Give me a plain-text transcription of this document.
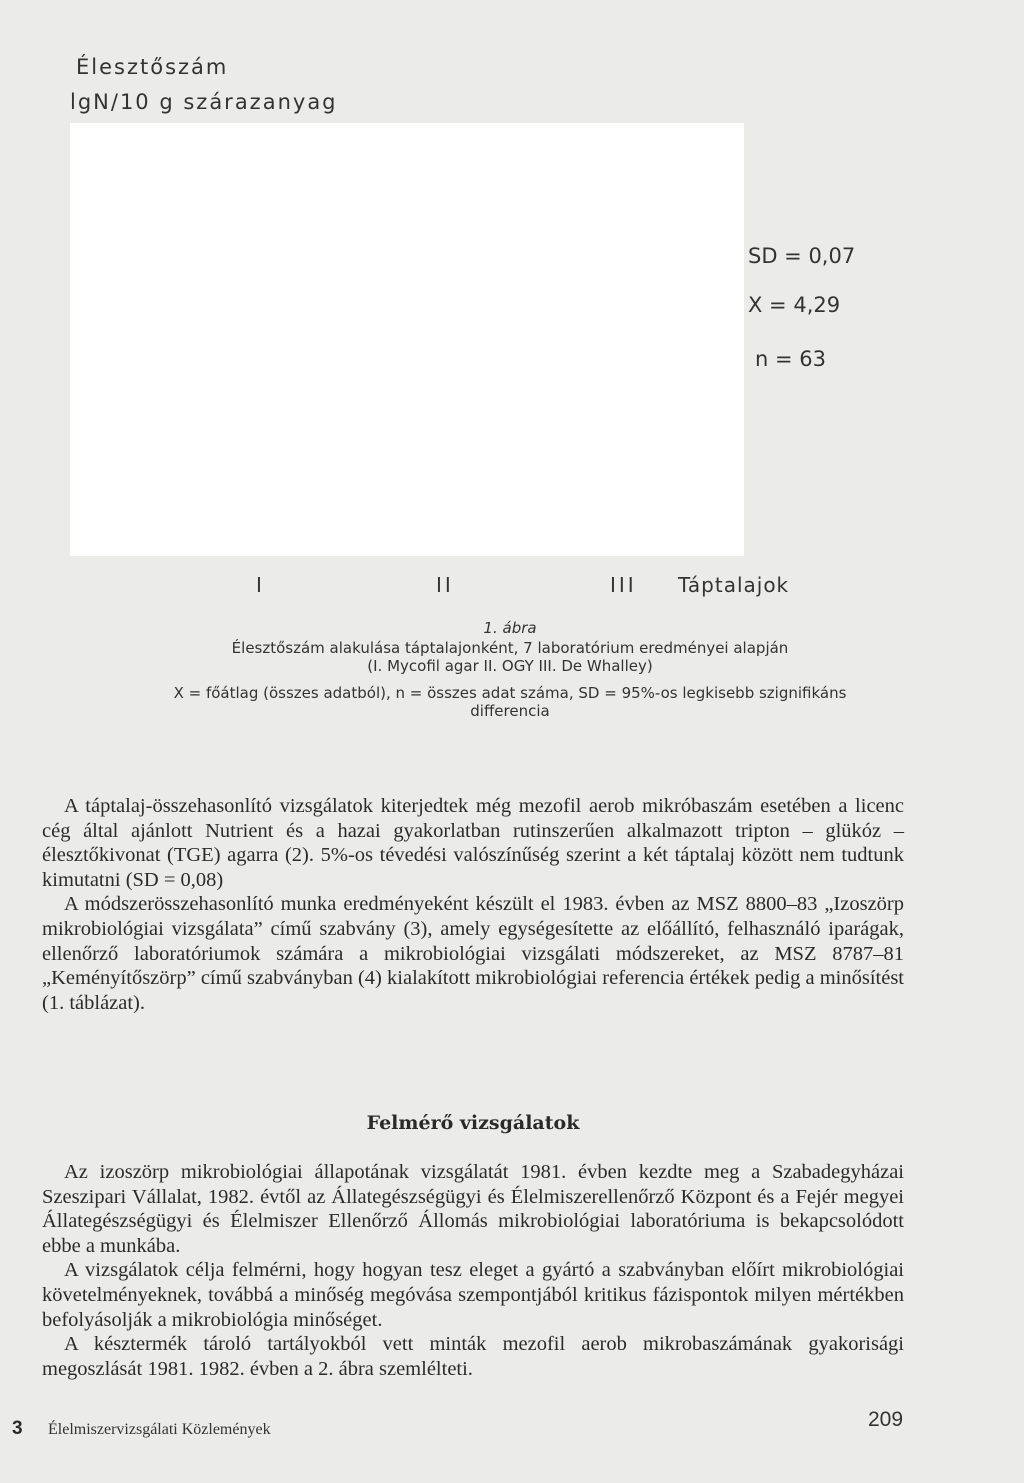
Élesztőszám
lgN/10 g szárazanyag
SD = 0,07
X = 4,29
n = 63
I	II	III Táptalajok
1. ábra
Élesztőszám alakulása táptalajonként, 7 laboratórium eredményei alapján
(I. Mycofil agar II. OGY III. De Whalley)
X = főátlag (összes adatból), n = összes adat száma, SD = 95%-os legkisebb szignifikáns
differencia

A táptalaj-összehasonlító vizsgálatok kiterjedtek még mezofil aerob mikróbaszám esetében a licenc cég által ajánlott Nutrient és a hazai gyakorlatban rutinszerűen alkalmazott tripton – glükóz – élesztőkivonat (TGE) agarra (2). 5%-os tévedési valószínűség szerint a két táptalaj között nem tudtunk kimutatni (SD = 0,08)

A módszerösszehasonlító munka eredményeként készült el 1983. évben az MSZ 8800–83 „Izoszörp mikrobiológiai vizsgálata” című szabvány (3), amely egységesítette az előállító, felhasználó iparágak, ellenőrző laboratóriumok számára a mikrobiológiai vizsgálati módszereket, az MSZ 8787–81 „Keményítőszörp” című szabványban (4) kialakított mikrobiológiai referencia értékek pedig a minősítést (1. táblázat).

Felmérő vizsgálatok

Az izoszörp mikrobiológiai állapotának vizsgálatát 1981. évben kezdte meg a Szabadegyházai Szeszipari Vállalat, 1982. évtől az Állategészségügyi és Élelmiszerellenőrző Központ és a Fejér megyei Állategészségügyi és Élelmiszer Ellenőrző Állomás mikrobiológiai laboratóriuma is bekapcsolódott ebbe a munkába.

A vizsgálatok célja felmérni, hogy hogyan tesz eleget a gyártó a szabványban előírt mikrobiológiai követelményeknek, továbbá a minőség megóvása szempontjából kritikus fázispontok milyen mértékben befolyásolják a mikrobiológia minőséget.

A késztermék tároló tartályokból vett minták mezofil aerob mikrobaszámának gyakorisági megoszlását 1981. 1982. évben a 2. ábra szemlélteti.

3 Élelmiszervizsgálati Közlemények	209
